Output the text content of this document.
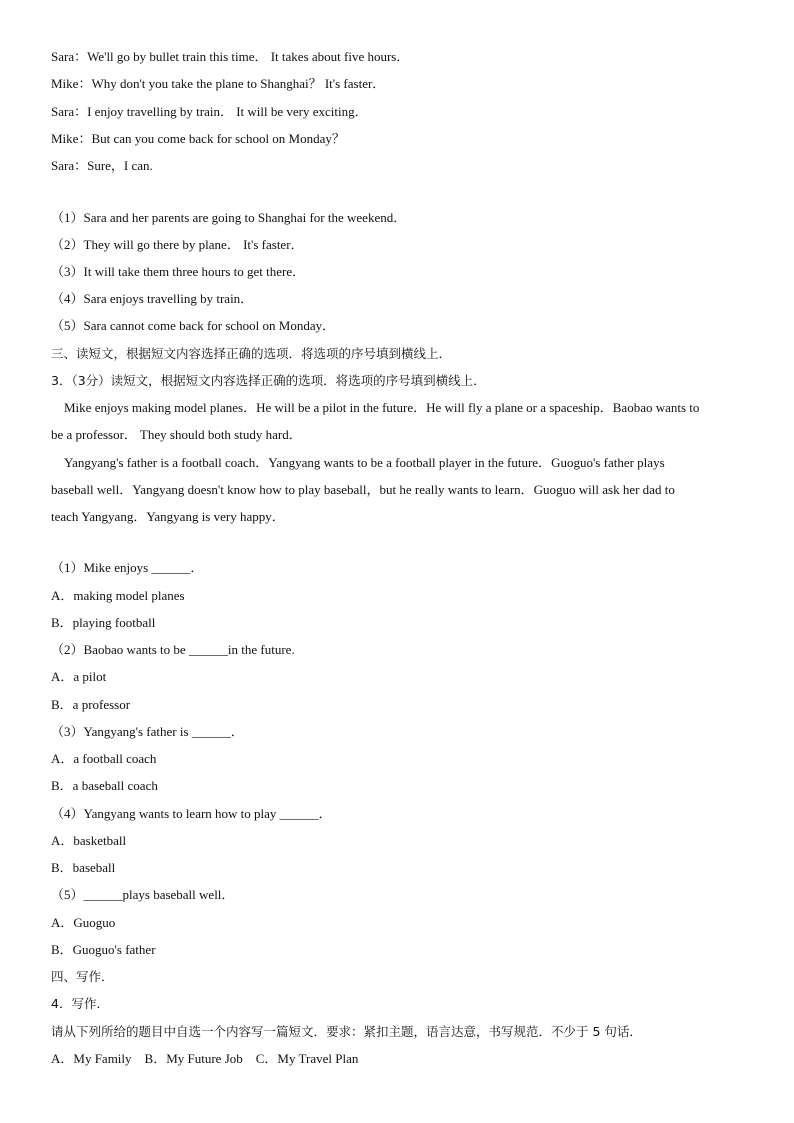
Sara：We'll go by bullet train this time． It takes about five hours．
Mike：Why don't you take the plane to Shanghai？ It's faster．
Sara：I enjoy travelling by train． It will be very exciting．
Mike：But can you come back for school on Monday？
Sara：Sure，I can.
（1）Sara and her parents are going to Shanghai for the weekend．
（2）They will go there by plane． It's faster．
（3）It will take them three hours to get there．
（4）Sara enjoys travelling by train．
（5）Sara cannot come back for school on Monday．
三、读短文，根据短文内容选择正确的选项．将选项的序号填到横线上．
3．（3分）读短文，根据短文内容选择正确的选项．将选项的序号填到横线上．
Mike enjoys making model planes．He will be a pilot in the future．He will fly a plane or a spaceship．Baobao wants to
be a professor． They should both study hard．
Yangyang's father is a football coach．Yangyang wants to be a football player in the future．Guoguo's father plays
baseball well．Yangyang doesn't know how to play baseball，but he really wants to learn．Guoguo will ask her dad to
teach Yangyang．Yangyang is very happy．
（1）Mike enjoys ______．
A．making model planes
B．playing football
（2）Baobao wants to be ______in the future.
A．a pilot
B．a professor
（3）Yangyang's father is ______．
A．a football coach
B．a baseball coach
（4）Yangyang wants to learn how to play ______．
A．basketball
B．baseball
（5）______plays baseball well．
A．Guoguo
B．Guoguo's father
四、写作．
4．写作．
请从下列所给的题目中自选一个内容写一篇短文．要求：紧扣主题，语言达意，书写规范．不少于 5 句话．
A．My Family　B．My Future Job　C．My Travel Plan
